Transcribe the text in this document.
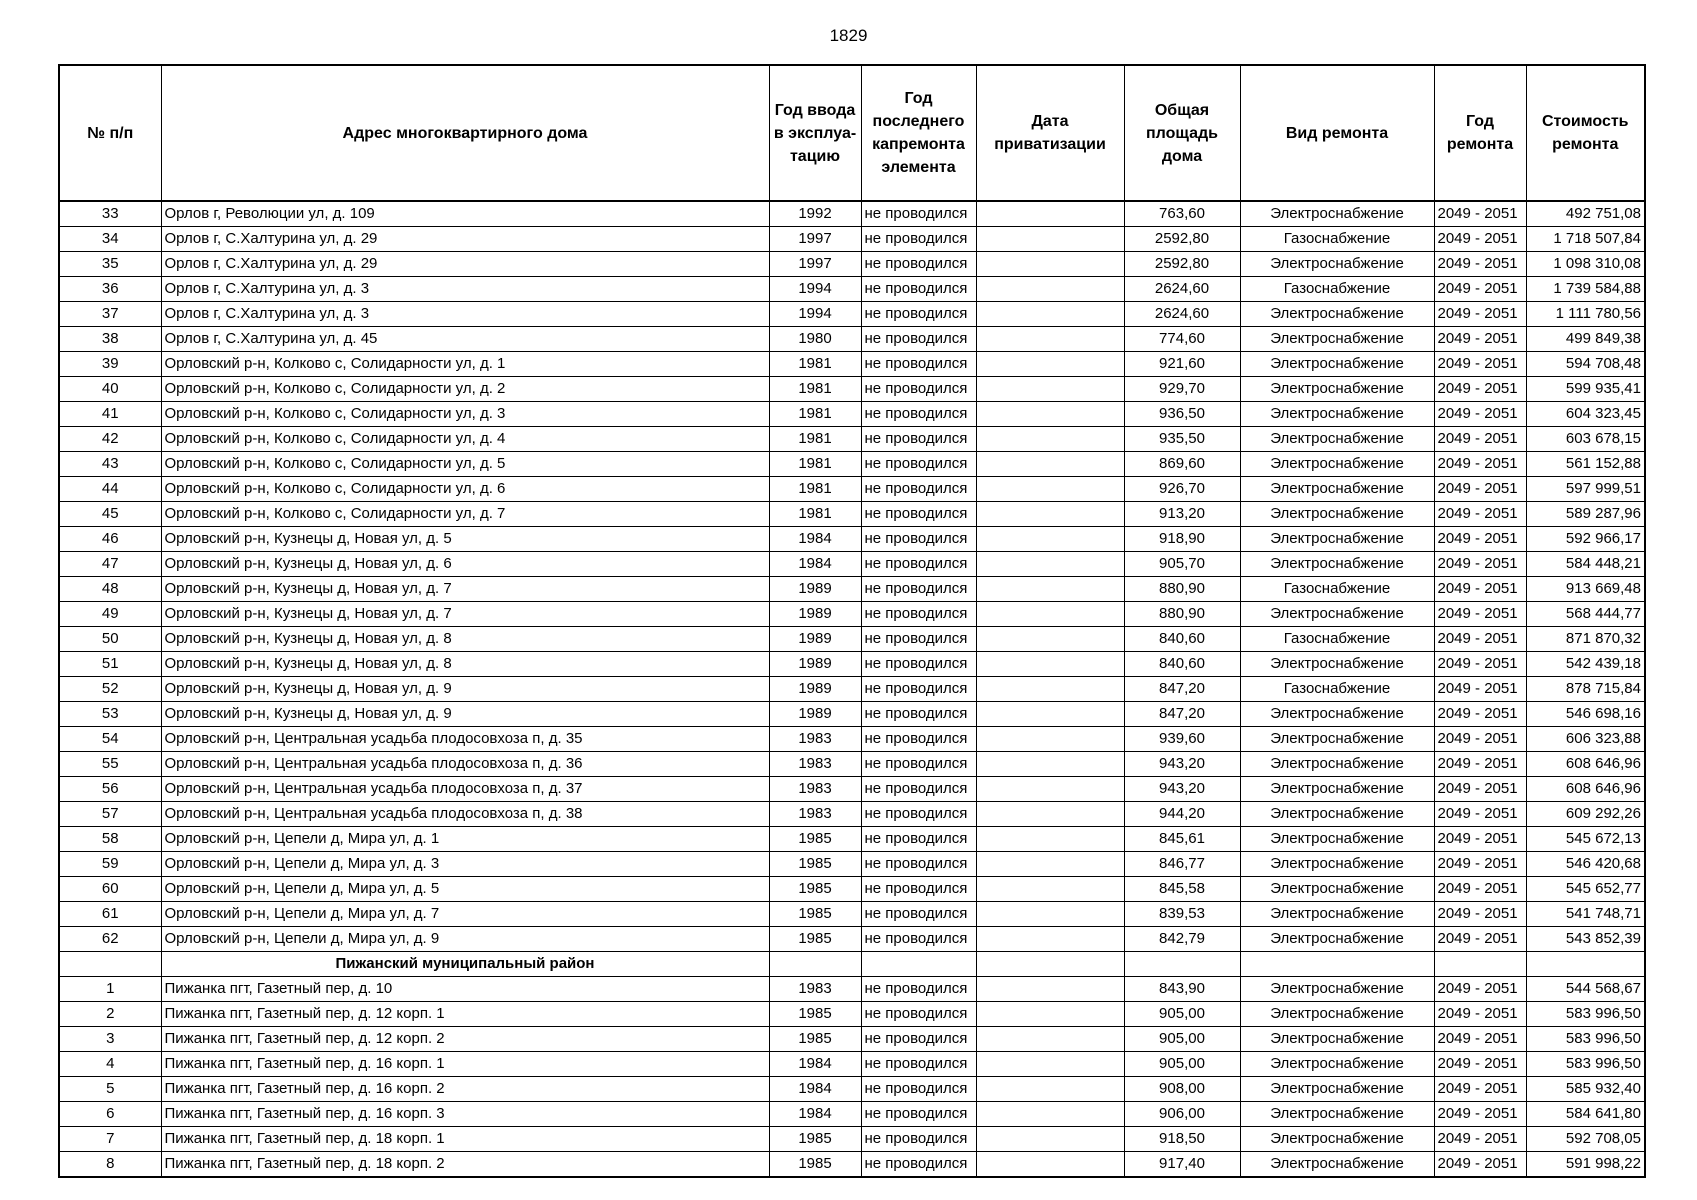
1829
№ п/п	Адрес многоквартирного дома	Год ввода в эксплуа-тацию	Год последнего капремонта элемента	Дата приватизации	Общая площадь дома	Вид ремонта	Год ремонта	Стоимость ремонта
33	Орлов г, Революции ул, д. 109	1992	не проводился		763,60	Электроснабжение	2049 - 2051	492 751,08
34	Орлов г, С.Халтурина ул, д. 29	1997	не проводился		2592,80	Газоснабжение	2049 - 2051	1 718 507,84
35	Орлов г, С.Халтурина ул, д. 29	1997	не проводился		2592,80	Электроснабжение	2049 - 2051	1 098 310,08
36	Орлов г, С.Халтурина ул, д. 3	1994	не проводился		2624,60	Газоснабжение	2049 - 2051	1 739 584,88
37	Орлов г, С.Халтурина ул, д. 3	1994	не проводился		2624,60	Электроснабжение	2049 - 2051	1 111 780,56
38	Орлов г, С.Халтурина ул, д. 45	1980	не проводился		774,60	Электроснабжение	2049 - 2051	499 849,38
39	Орловский р-н, Колково с, Солидарности ул, д. 1	1981	не проводился		921,60	Электроснабжение	2049 - 2051	594 708,48
40	Орловский р-н, Колково с, Солидарности ул, д. 2	1981	не проводился		929,70	Электроснабжение	2049 - 2051	599 935,41
41	Орловский р-н, Колково с, Солидарности ул, д. 3	1981	не проводился		936,50	Электроснабжение	2049 - 2051	604 323,45
42	Орловский р-н, Колково с, Солидарности ул, д. 4	1981	не проводился		935,50	Электроснабжение	2049 - 2051	603 678,15
43	Орловский р-н, Колково с, Солидарности ул, д. 5	1981	не проводился		869,60	Электроснабжение	2049 - 2051	561 152,88
44	Орловский р-н, Колково с, Солидарности ул, д. 6	1981	не проводился		926,70	Электроснабжение	2049 - 2051	597 999,51
45	Орловский р-н, Колково с, Солидарности ул, д. 7	1981	не проводился		913,20	Электроснабжение	2049 - 2051	589 287,96
46	Орловский р-н, Кузнецы д, Новая ул, д. 5	1984	не проводился		918,90	Электроснабжение	2049 - 2051	592 966,17
47	Орловский р-н, Кузнецы д, Новая ул, д. 6	1984	не проводился		905,70	Электроснабжение	2049 - 2051	584 448,21
48	Орловский р-н, Кузнецы д, Новая ул, д. 7	1989	не проводился		880,90	Газоснабжение	2049 - 2051	913 669,48
49	Орловский р-н, Кузнецы д, Новая ул, д. 7	1989	не проводился		880,90	Электроснабжение	2049 - 2051	568 444,77
50	Орловский р-н, Кузнецы д, Новая ул, д. 8	1989	не проводился		840,60	Газоснабжение	2049 - 2051	871 870,32
51	Орловский р-н, Кузнецы д, Новая ул, д. 8	1989	не проводился		840,60	Электроснабжение	2049 - 2051	542 439,18
52	Орловский р-н, Кузнецы д, Новая ул, д. 9	1989	не проводился		847,20	Газоснабжение	2049 - 2051	878 715,84
53	Орловский р-н, Кузнецы д, Новая ул, д. 9	1989	не проводился		847,20	Электроснабжение	2049 - 2051	546 698,16
54	Орловский р-н, Центральная усадьба плодосовхоза п, д. 35	1983	не проводился		939,60	Электроснабжение	2049 - 2051	606 323,88
55	Орловский р-н, Центральная усадьба плодосовхоза п, д. 36	1983	не проводился		943,20	Электроснабжение	2049 - 2051	608 646,96
56	Орловский р-н, Центральная усадьба плодосовхоза п, д. 37	1983	не проводился		943,20	Электроснабжение	2049 - 2051	608 646,96
57	Орловский р-н, Центральная усадьба плодосовхоза п, д. 38	1983	не проводился		944,20	Электроснабжение	2049 - 2051	609 292,26
58	Орловский р-н, Цепели д, Мира ул, д. 1	1985	не проводился		845,61	Электроснабжение	2049 - 2051	545 672,13
59	Орловский р-н, Цепели д, Мира ул, д. 3	1985	не проводился		846,77	Электроснабжение	2049 - 2051	546 420,68
60	Орловский р-н, Цепели д, Мира ул, д. 5	1985	не проводился		845,58	Электроснабжение	2049 - 2051	545 652,77
61	Орловский р-н, Цепели д, Мира ул, д. 7	1985	не проводился		839,53	Электроснабжение	2049 - 2051	541 748,71
62	Орловский р-н, Цепели д, Мира ул, д. 9	1985	не проводился		842,79	Электроснабжение	2049 - 2051	543 852,39
	Пижанский муниципальный район							
1	Пижанка пгт, Газетный пер, д. 10	1983	не проводился		843,90	Электроснабжение	2049 - 2051	544 568,67
2	Пижанка пгт, Газетный пер, д. 12 корп. 1	1985	не проводился		905,00	Электроснабжение	2049 - 2051	583 996,50
3	Пижанка пгт, Газетный пер, д. 12 корп. 2	1985	не проводился		905,00	Электроснабжение	2049 - 2051	583 996,50
4	Пижанка пгт, Газетный пер, д. 16 корп. 1	1984	не проводился		905,00	Электроснабжение	2049 - 2051	583 996,50
5	Пижанка пгт, Газетный пер, д. 16 корп. 2	1984	не проводился		908,00	Электроснабжение	2049 - 2051	585 932,40
6	Пижанка пгт, Газетный пер, д. 16 корп. 3	1984	не проводился		906,00	Электроснабжение	2049 - 2051	584 641,80
7	Пижанка пгт, Газетный пер, д. 18 корп. 1	1985	не проводился		918,50	Электроснабжение	2049 - 2051	592 708,05
8	Пижанка пгт, Газетный пер, д. 18 корп. 2	1985	не проводился		917,40	Электроснабжение	2049 - 2051	591 998,22
